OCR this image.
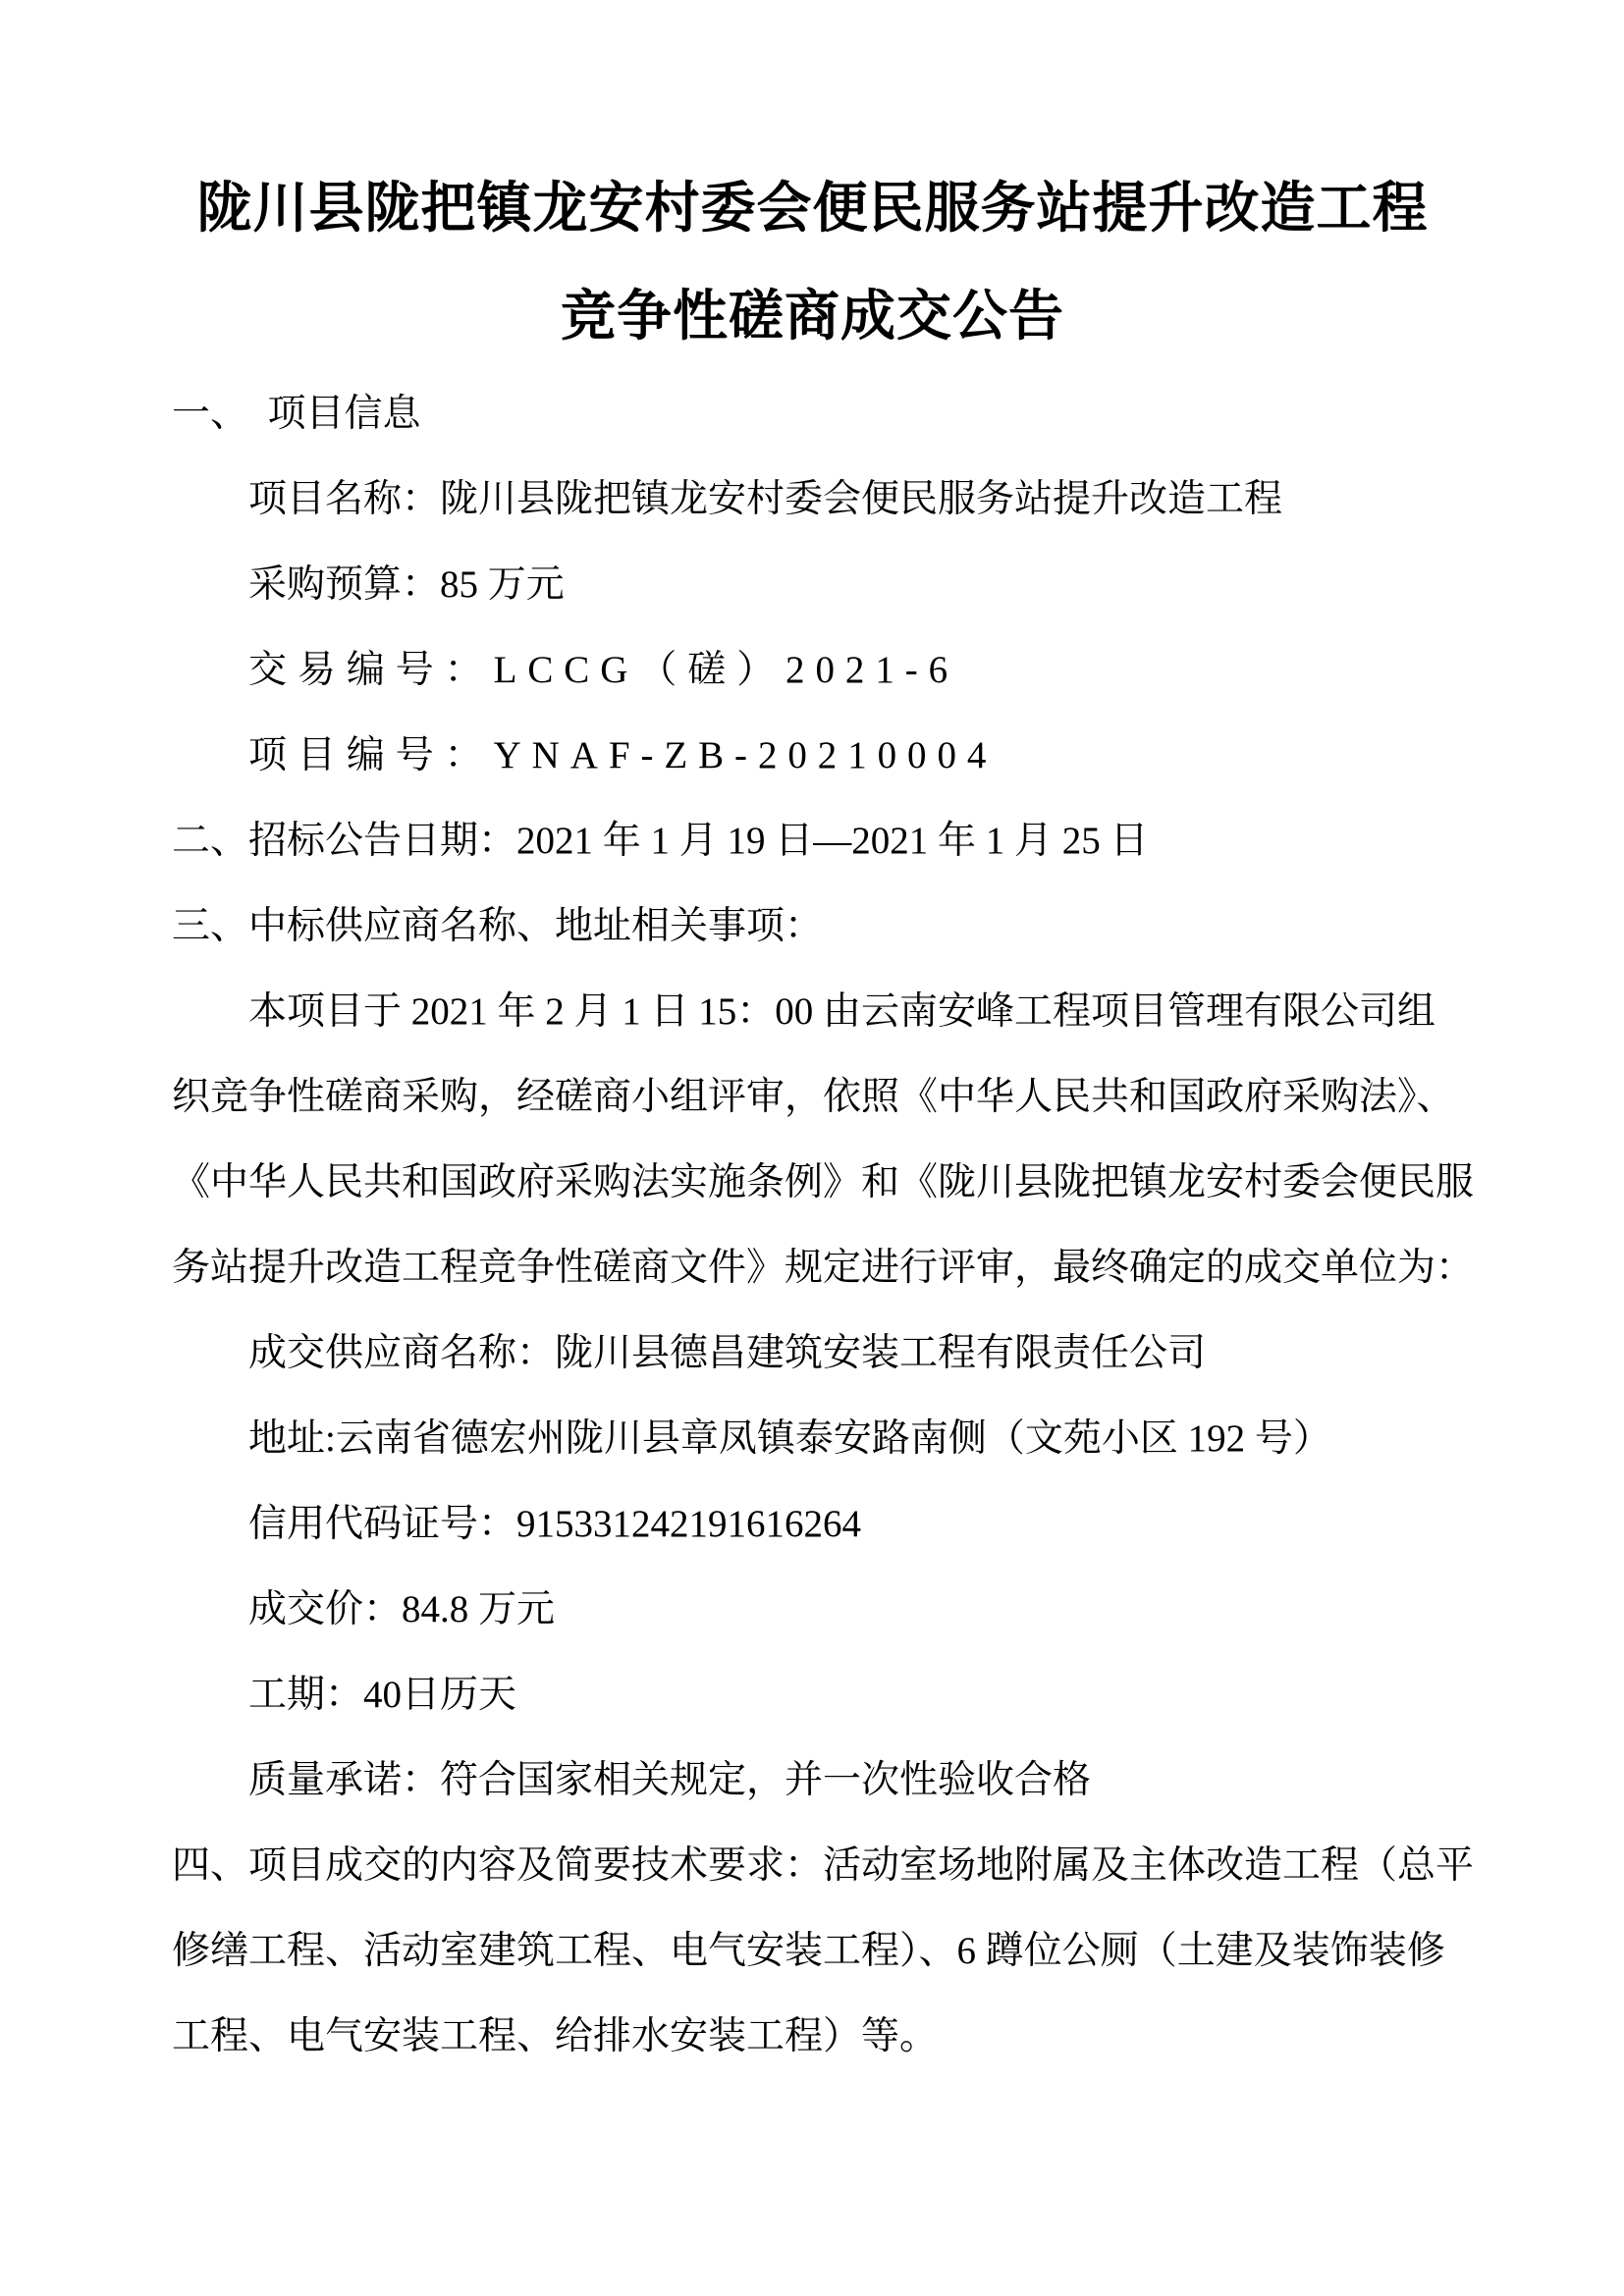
陇川县陇把镇龙安村委会便民服务站提升改造工程
竞争性磋商成交公告
一、　项目信息
项目名称：陇川县陇把镇龙安村委会便民服务站提升改造工程
采购预算：85 万元
交易编号：LCCG（磋）2021-6
项目编号：YNAF-ZB-20210004
二、招标公告日期：2021 年 1 月 19 日—2021 年 1 月 25 日
三、中标供应商名称、地址相关事项：
本项目于 2021 年 2 月 1 日 15：00 由云南安峰工程项目管理有限公司组
织竞争性磋商采购，经磋商小组评审，依照《中华人民共和国政府采购法》、
《中华人民共和国政府采购法实施条例》和《陇川县陇把镇龙安村委会便民服
务站提升改造工程竞争性磋商文件》规定进行评审，最终确定的成交单位为：
成交供应商名称：陇川县德昌建筑安装工程有限责任公司
地址:云南省德宏州陇川县章凤镇泰安路南侧（文苑小区 192 号）
信用代码证号：915331242191616264
成交价：84.8 万元
工期：40日历天
质量承诺：符合国家相关规定，并一次性验收合格
四、项目成交的内容及简要技术要求：活动室场地附属及主体改造工程（总平
修缮工程、活动室建筑工程、电气安装工程）、6 蹲位公厕（土建及装饰装修
工程、电气安装工程、给排水安装工程）等。
